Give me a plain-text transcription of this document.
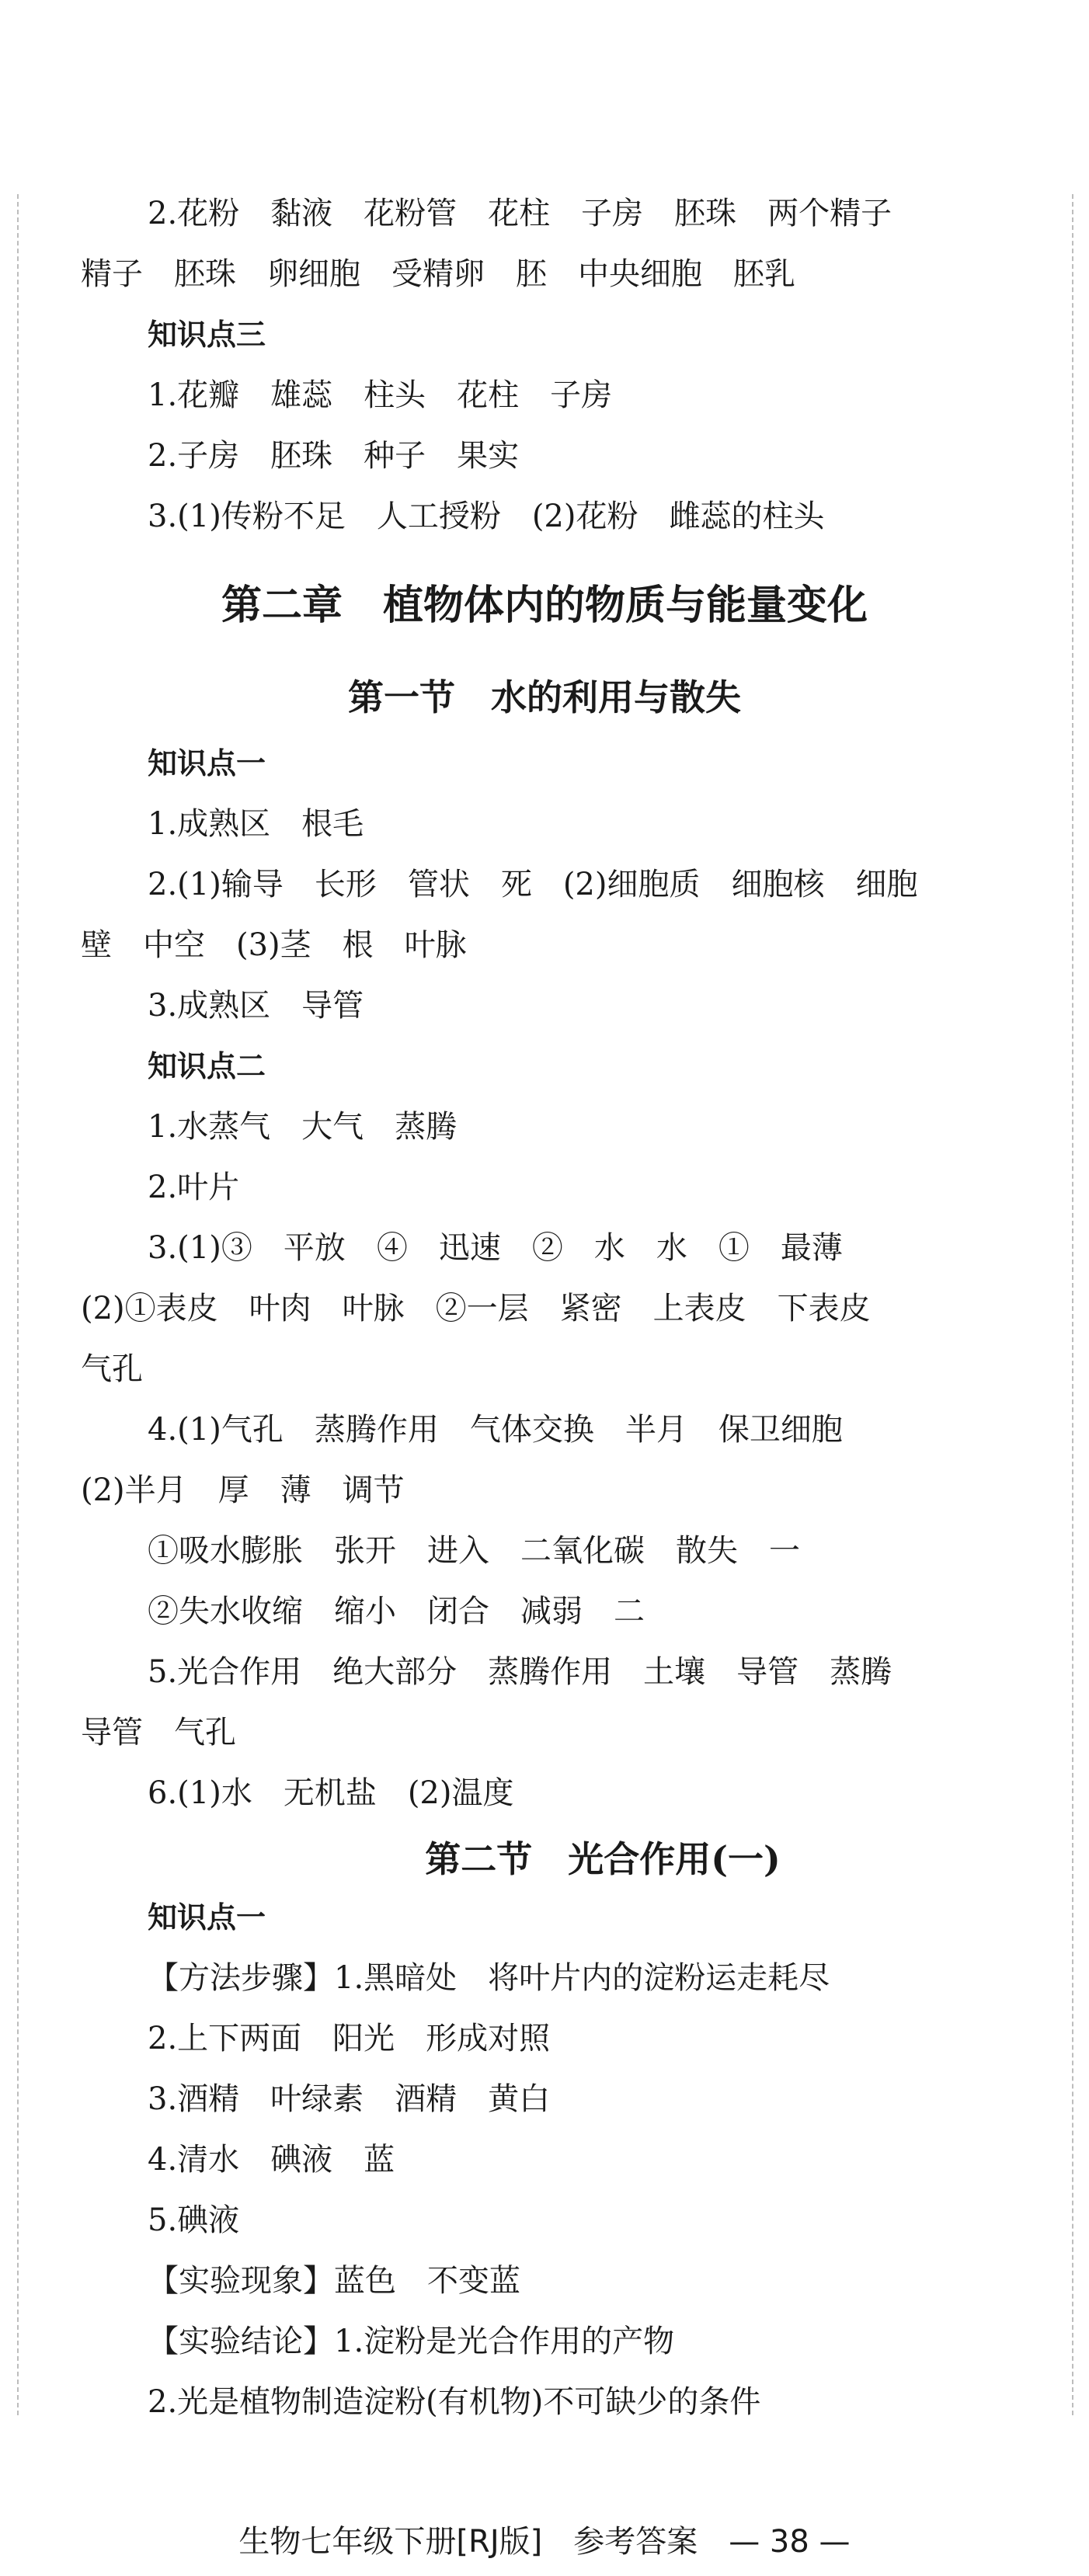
2.花粉　黏液　花粉管　花柱　子房　胚珠　两个精子
精子　胚珠　卵细胞　受精卵　胚　中央细胞　胚乳
知识点三
1.花瓣　雄蕊　柱头　花柱　子房
2.子房　胚珠　种子　果实
3.(1)传粉不足　人工授粉　(2)花粉　雌蕊的柱头
第二章　植物体内的物质与能量变化
第一节　水的利用与散失
知识点一
1.成熟区　根毛
2.(1)输导　长形　管状　死　(2)细胞质　细胞核　细胞
壁　中空　(3)茎　根　叶脉
3.成熟区　导管
知识点二
1.水蒸气　大气　蒸腾
2.叶片
3.(1)③　平放　④　迅速　②　水　水　①　最薄
(2)①表皮　叶肉　叶脉　②一层　紧密　上表皮　下表皮
气孔
4.(1)气孔　蒸腾作用　气体交换　半月　保卫细胞
(2)半月　厚　薄　调节
①吸水膨胀　张开　进入　二氧化碳　散失　一
②失水收缩　缩小　闭合　减弱　二
5.光合作用　绝大部分　蒸腾作用　土壤　导管　蒸腾
导管　气孔
6.(1)水　无机盐　(2)温度
第二节　光合作用(一)
知识点一
【方法步骤】1.黑暗处　将叶片内的淀粉运走耗尽
2.上下两面　阳光　形成对照
3.酒精　叶绿素　酒精　黄白
4.清水　碘液　蓝
5.碘液
【实验现象】蓝色　不变蓝
【实验结论】1.淀粉是光合作用的产物
2.光是植物制造淀粉(有机物)不可缺少的条件
生物七年级下册[RJ版]　参考答案　— 38 —
